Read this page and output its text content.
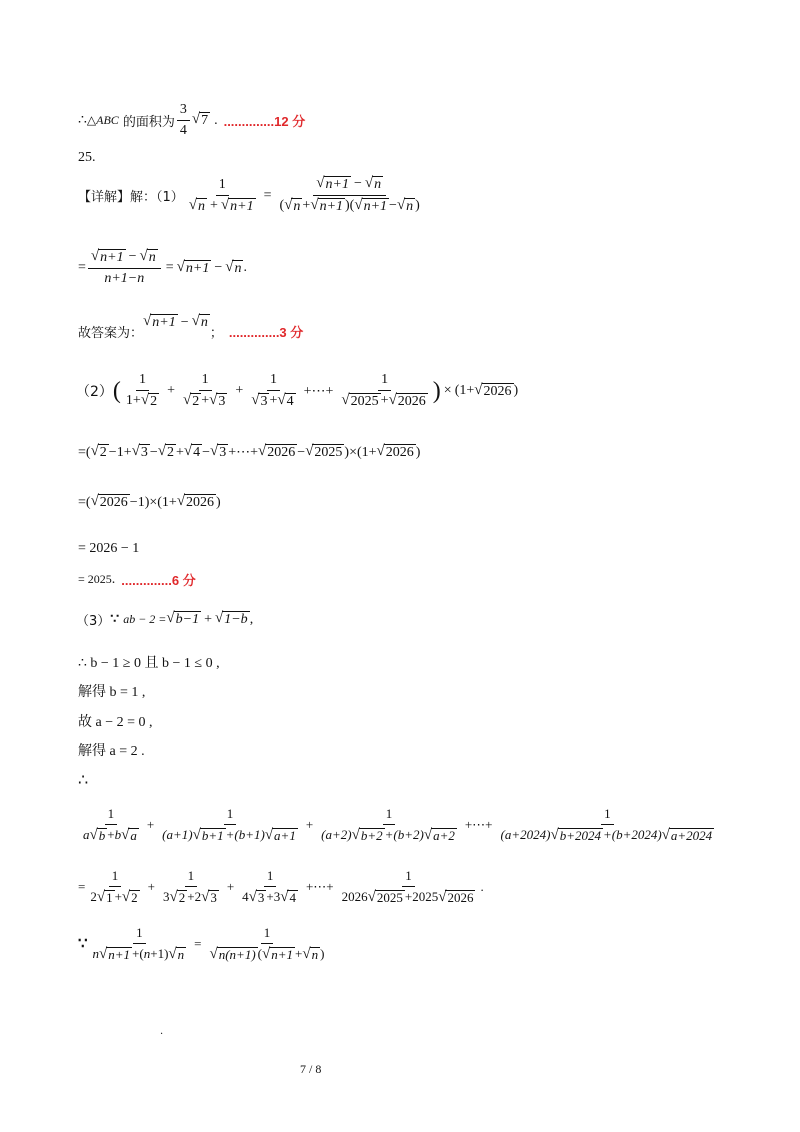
∴ △ABC 的面积为 $\frac{3}{4}$ √ 7 . ..............12 分
25.
【详解】解：$(1) \frac{1}{√ n + √ n+1} = \frac{√ n+1 - √ n}{( √ n + √ n+1 )( √ n+1 - √ n )}$
= $\frac{√ n+1 - √ n}{n+1-n}$ = √ n+1 − √ n .
故答案为：
√ n+1 − √ n
； ..............3 分
（2） ( $\frac{1}{1+ √ 2} + \frac{1}{√ 2 + √ 3} + \frac{1}{√ 3 + √ 4}$ +⋯+ $\frac{1}{√ 2025 + √ 2026}$ ) × (1+ √ 2026 )
=( √ 2 −1+ √ 3 − √ 2 + √ 4 − √ 3 +⋯+ √ 2026 − √ 2025 )×(1+ √ 2026 )
=( √ 2026 −1)×(1+ √ 2026 )
= 2026 − 1
= 2025 . ..............6 分
（3） ∵ ab − 2 = √ b−1 + √ 1−b ,
∴ b − 1 ≥ 0 且 b − 1 ≤ 0 ,
解得 b = 1 ,
故 a − 2 = 0 ,
解得 a = 2 .
∴
$\frac{1}{a √ b +b √ a} + \frac{1}{(a+1) √ b+1 +(b+1) √ a+1} + \frac{1}{(a+2) √ b+2 +(b+2) √ a+2}$ +⋯+ $\frac{1}{(a+2024) √ b+2024 +(b+2024) √ a+2024}$
= $\frac{1}{2 √ 1 + √ 2} + \frac{1}{3 √ 2 +2 √ 3} + \frac{1}{4 √ 3 +3 √ 4}$ +⋯+ $\frac{1}{2026 √ 2025 +2025 √ 2026}$ .
∵ $\frac{1}{n √ n+1 +(n+1) √ n} = \frac{1}{√ n(n+1) ( √ n+1 + √ n )}$
.
7 / 8
